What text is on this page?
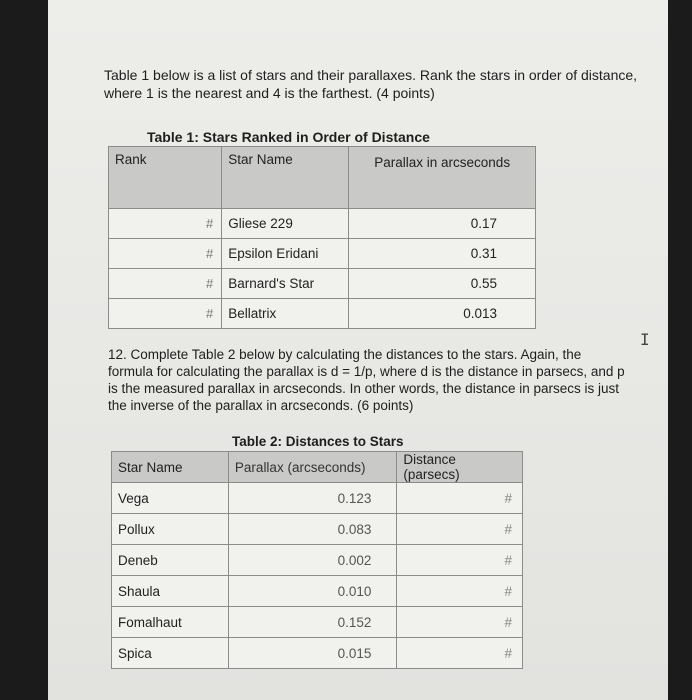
Table 1 below is a list of stars and their parallaxes. Rank the stars in order of distance, where 1 is the nearest and 4 is the farthest. (4 points)
Table 1: Stars Ranked in Order of Distance
Rank	Star Name	Parallax in arcseconds
#	Gliese 229	0.17
#	Epsilon Eridani	0.31
#	Barnard's Star	0.55
#	Bellatrix	0.013
12. Complete Table 2 below by calculating the distances to the stars. Again, the formula for calculating the parallax is d = 1/p, where d is the distance in parsecs, and p is the measured parallax in arcseconds. In other words, the distance in parsecs is just the inverse of the parallax in arcseconds. (6 points)
Table 2: Distances to Stars
Star Name	Parallax (arcseconds)	Distance (parsecs)
Vega	0.123	#
Pollux	0.083	#
Deneb	0.002	#
Shaula	0.010	#
Fomalhaut	0.152	#
Spica	0.015	#
I
